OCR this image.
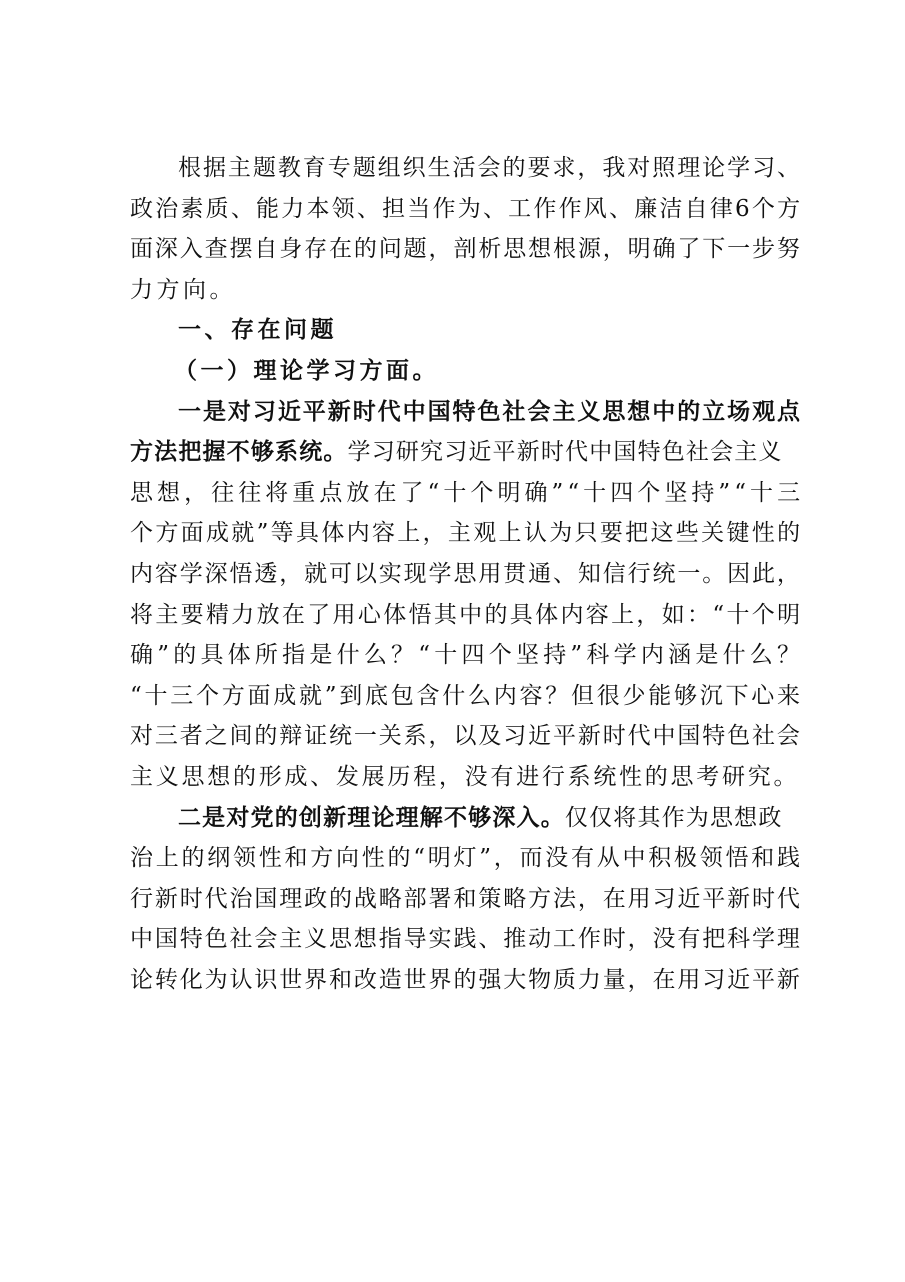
根据主题教育专题组织生活会的要求，我对照理论学习、
政治素质、能力本领、担当作为、工作作风、廉洁自律6个方
面深入查摆自身存在的问题，剖析思想根源，明确了下一步努
力方向。
一、存在问题
（一）理论学习方面。
一是对习近平新时代中国特色社会主义思想中的立场观点
方法把握不够系统。学习研究习近平新时代中国特色社会主义
思想，往往将重点放在了“十个明确”“十四个坚持”“十三
个方面成就”等具体内容上，主观上认为只要把这些关键性的
内容学深悟透，就可以实现学思用贯通、知信行统一。因此，
将主要精力放在了用心体悟其中的具体内容上，如：“十个明
确”的具体所指是什么？“十四个坚持”科学内涵是什么？
“十三个方面成就”到底包含什么内容？但很少能够沉下心来
对三者之间的辩证统一关系，以及习近平新时代中国特色社会
主义思想的形成、发展历程，没有进行系统性的思考研究。
二是对党的创新理论理解不够深入。仅仅将其作为思想政
治上的纲领性和方向性的“明灯”，而没有从中积极领悟和践
行新时代治国理政的战略部署和策略方法，在用习近平新时代
中国特色社会主义思想指导实践、推动工作时，没有把科学理
论转化为认识世界和改造世界的强大物质力量，在用习近平新
